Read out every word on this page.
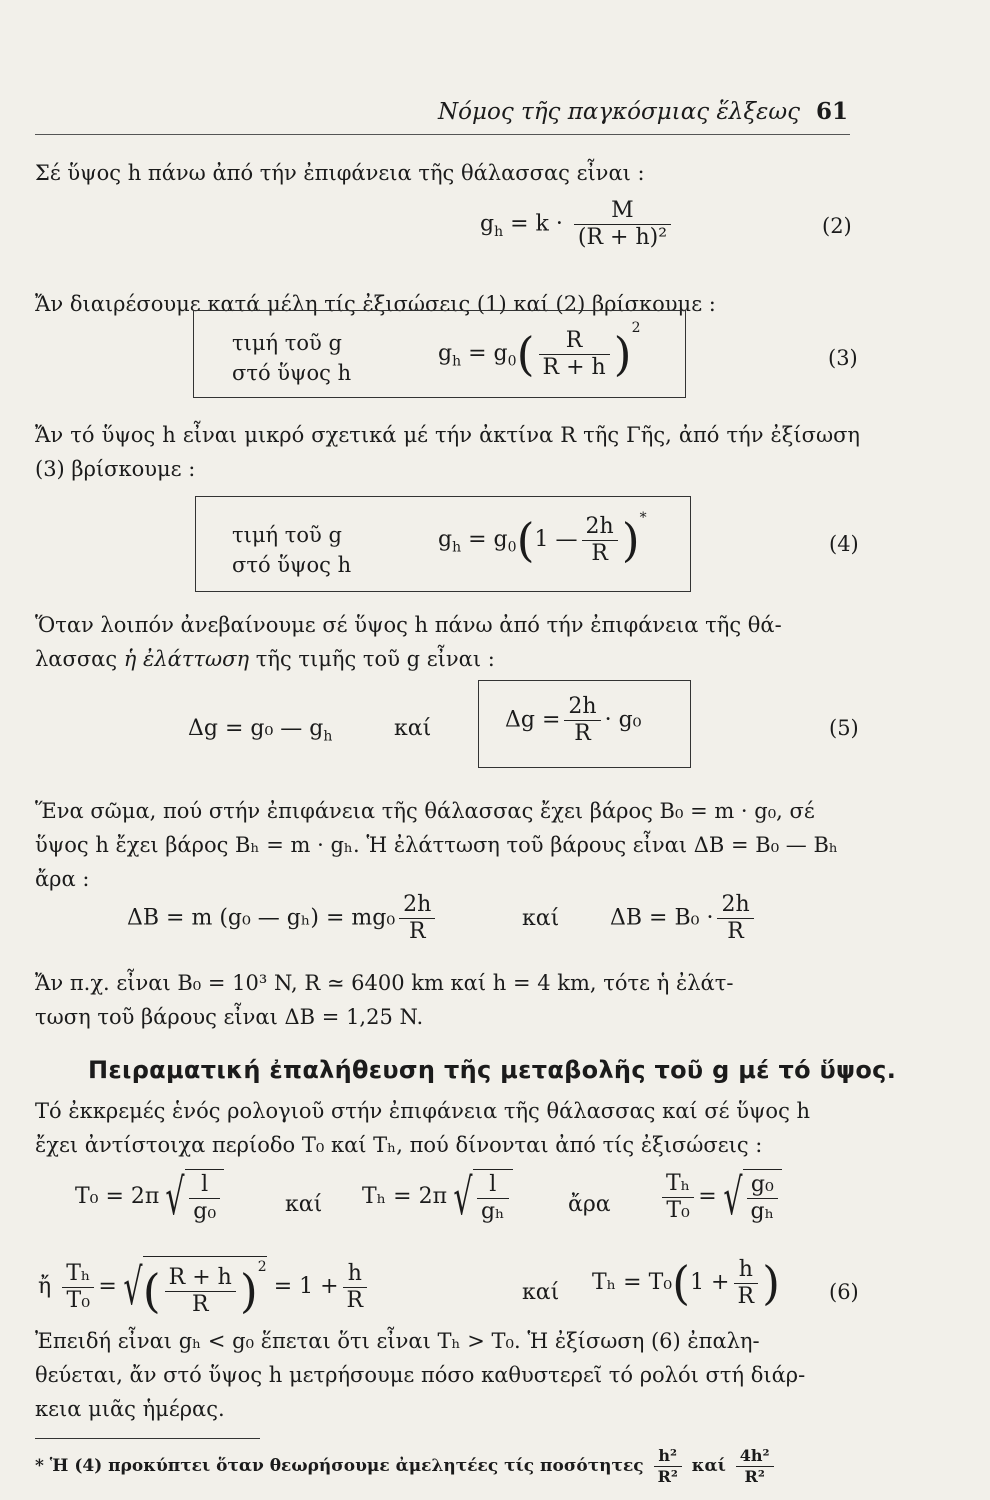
Νόμος τῆς παγκόσμιας ἕλξεως 61
Σέ ὕψος h πάνω ἀπό τήν ἐπιφάνεια τῆς θάλασσας εἶναι :
$g_h = k \cdot \frac{M}{\text{(R + h)²}}$	(2)
Ἄν διαιρέσουμε κατά μέλη τίς ἐξισώσεις (1) καί (2) βρίσκουμε :
τιμή τοῦ g
στό ὕψος h
$g_h = g_0( \frac{R}{R + h} )^2$
(3)
Ἄν τό ὕψος h εἶναι μικρό σχετικά μέ τήν ἀκτίνα R τῆς Γῆς, ἀπό τήν ἐξίσωση (3) βρίσκουμε :
τιμή τοῦ g
στό ὕψος h
$g_h = g_0(1$ — $\frac{2h}{R} )^*$
(4)
Ὅταν λοιπόν ἀνεβαίνουμε σέ ὕψος h πάνω ἀπό τήν ἐπιφάνεια τῆς θά-
λασσας ἡ ἐλάττωση τῆς τιμῆς τοῦ g εἶναι :
Δg = g₀ — $g_h$	καί	$\Delta g = \frac{2h}{R} \cdot g_0$	(5)
Ἕνα σῶμα, πού στήν ἐπιφάνεια τῆς θάλασσας ἔχει βάρος B₀ = m · g₀, σέ
ὕψος h ἔχει βάρος Bₕ = m · gₕ. Ἡ ἐλάττωση τοῦ βάρους εἶναι ΔB = B₀ — Bₕ
ἄρα :
ΔB = m (g₀ — $g_h) = mg_0 \frac{2h}{R}$	καί $\Delta B = B_0 \cdot \frac{2h}{R}$
Ἄν π.χ. εἶναι B₀ = 10³ N, R ≃ 6400 km καί h = 4 km, τότε ἡ ἐλάτ-
τωση τοῦ βάρους εἶναι ΔB = 1,25 N.
Πειραματική ἐπαλήθευση τῆς μεταβολῆς τοῦ g μέ τό ὕψος.
Τό ἐκκρεμές ἑνός ρολογιοῦ στήν ἐπιφάνεια τῆς θάλασσας καί σέ ὕψος h
ἔχει ἀντίστοιχα περίοδο T₀ καί Tₕ, πού δίνονται ἀπό τίς ἐξισώσεις :
T₀ = 2π √ $\frac{l}{\text{g₀}}$	καί Tₕ = 2π √ $\frac{l}{\text{gₕ}}$	ἄρα $\frac{\text{Tₕ}}{\text{T₀}}$ = √ $\frac{\text{g₀}}{\text{gₕ}}$
ἤ $\frac{\text{Tₕ}}{\text{T₀}}$ = √( $\frac{R + h}{R} )^2 = 1 + \frac{h}{R}$	καί $T_h = T_0(1 + \frac{h}{R}$ ) (6)
Ἐπειδή εἶναι gₕ < g₀ ἕπεται ὅτι εἶναι Tₕ > T₀. Ἡ ἐξίσωση (6) ἐπαλη-
θεύεται, ἄν στό ὕψος h μετρήσουμε πόσο καθυστερεῖ τό ρολόι στή διάρ-
κεια μιᾶς ἡμέρας.
* Ἡ (4) προκύπτει ὅταν θεωρήσουμε ἀμελητέες τίς ποσότητες $\frac{\text{h²}}{\text{R²}}$ καί $\frac{\text{4h²}}{\text{R²}}$
